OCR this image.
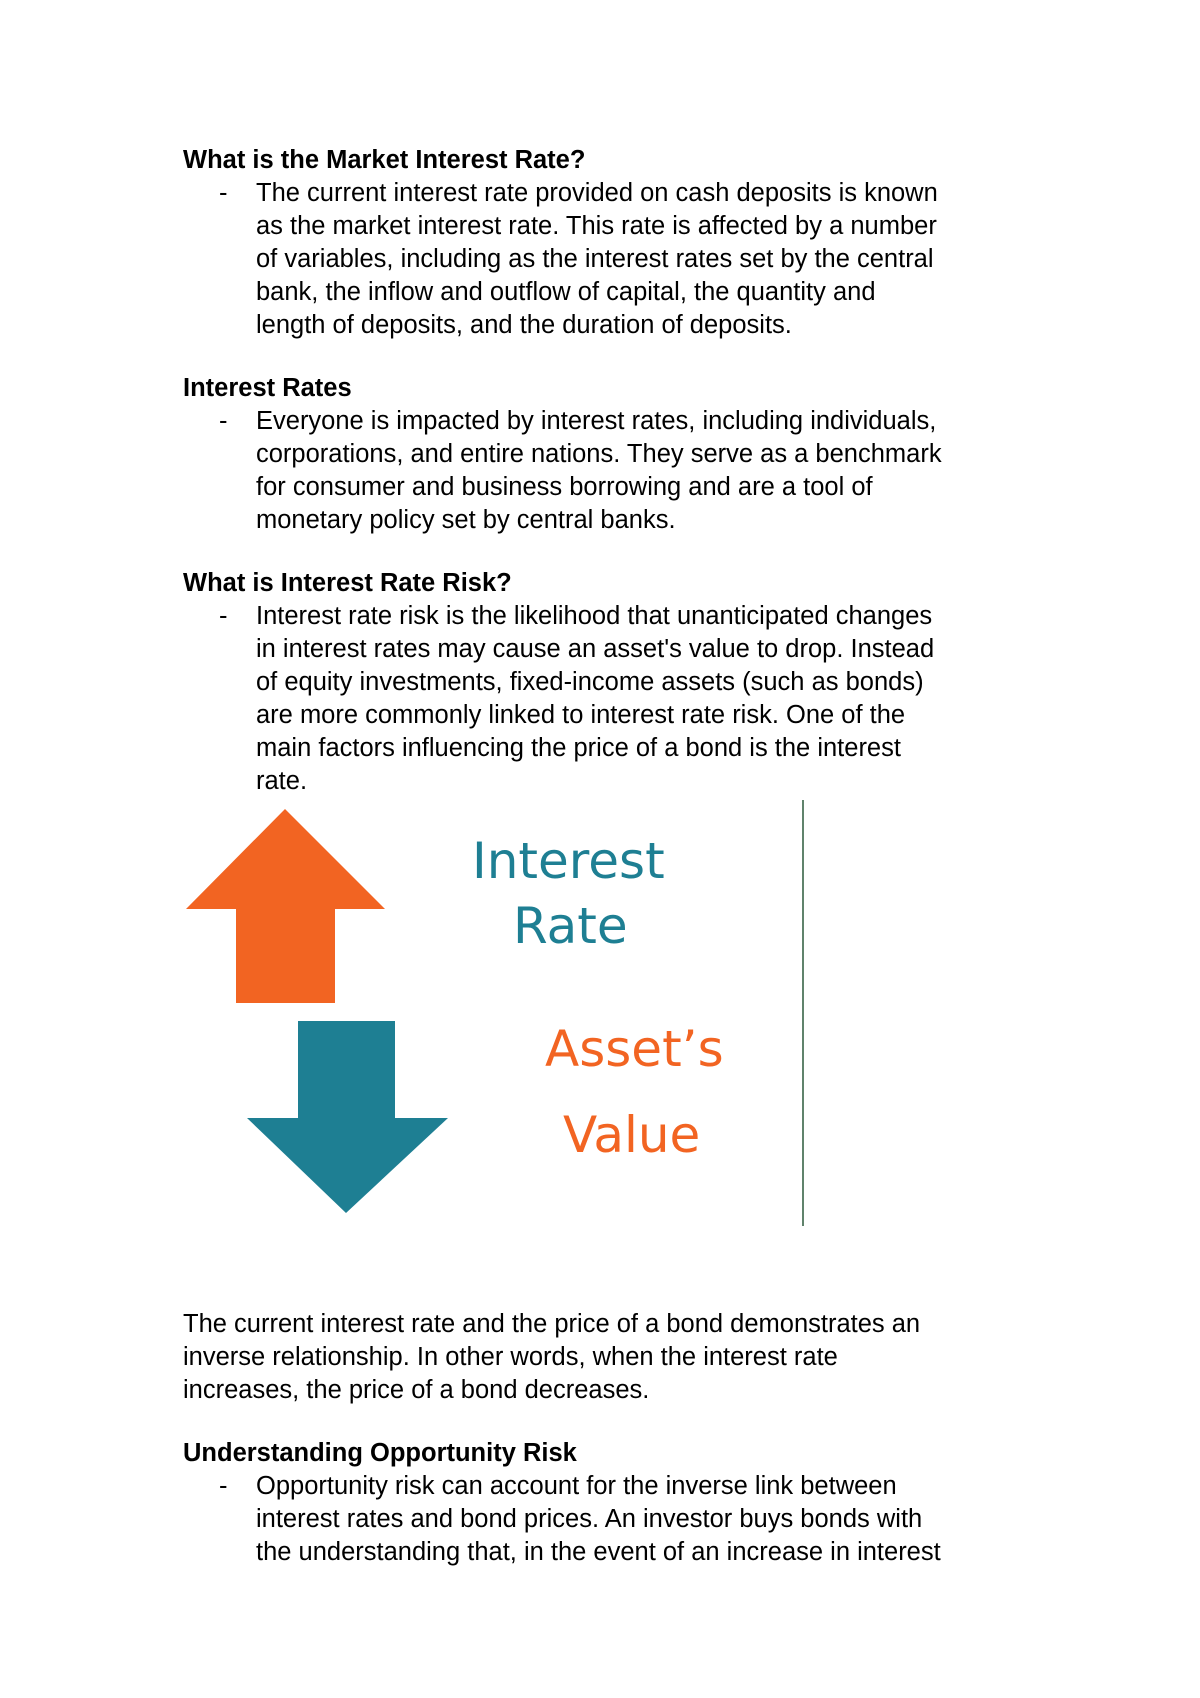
What is the Market Interest Rate?

- The current interest rate provided on cash deposits is known
as the market interest rate. This rate is affected by a number
of variables, including as the interest rates set by the central
bank, the inflow and outflow of capital, the quantity and
length of deposits, and the duration of deposits.

Interest Rates

- Everyone is impacted by interest rates, including individuals,
corporations, and entire nations. They serve as a benchmark
for consumer and business borrowing and are a tool of
monetary policy set by central banks.

What is Interest Rate Risk?

- Interest rate risk is the likelihood that unanticipated changes
in interest rates may cause an asset's value to drop. Instead
of equity investments, fixed-income assets (such as bonds)
are more commonly linked to interest rate risk. One of the
main factors influencing the price of a bond is the interest
rate.
Interest
Rate
Asset’s
Value
The current interest rate and the price of a bond demonstrates an
inverse relationship. In other words, when the interest rate
increases, the price of a bond decreases.

Understanding Opportunity Risk

- Opportunity risk can account for the inverse link between
interest rates and bond prices. An investor buys bonds with
the understanding that, in the event of an increase in interest
